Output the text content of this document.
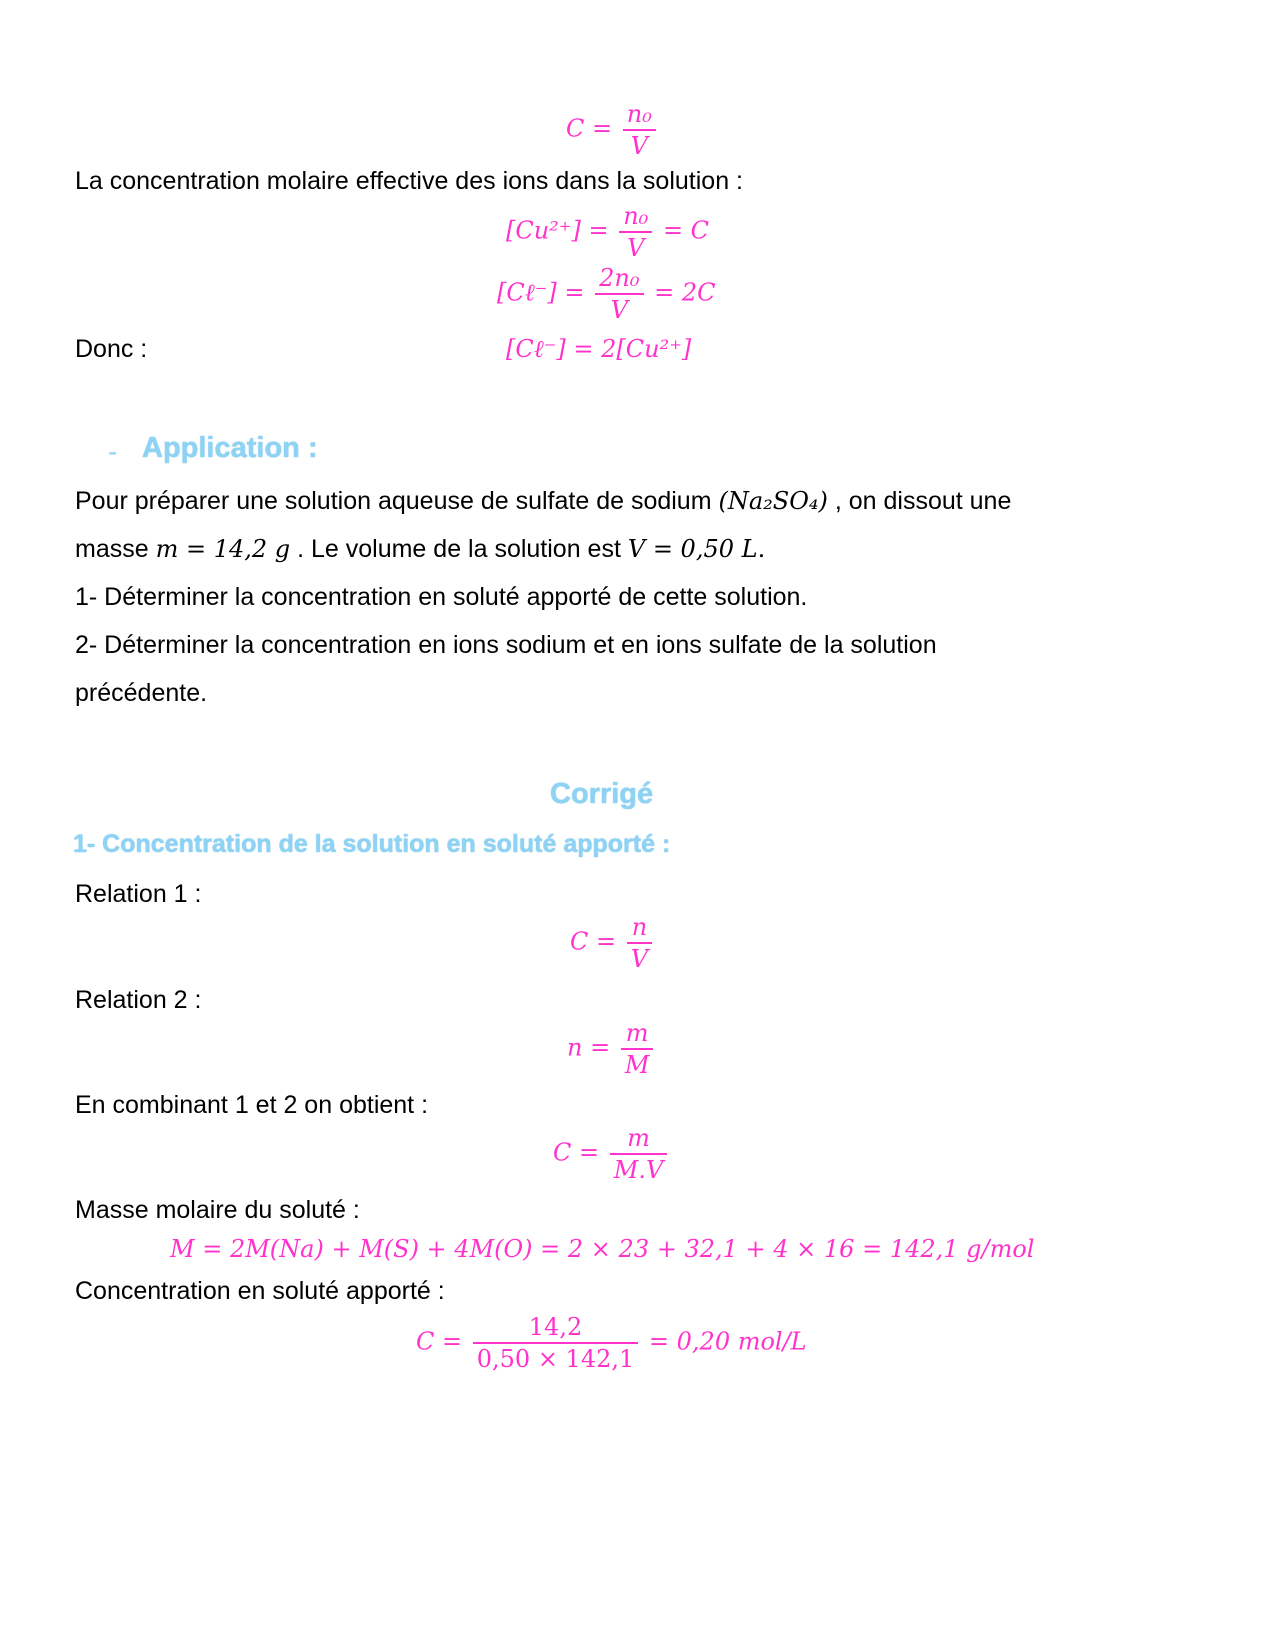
$C = \frac{\text{n₀}}{V}$
La concentration molaire effective des ions dans la solution :
$[Cu^{2+}] = \frac{\text{n₀}}{V} = C$
[Cℓ⁻] = $\frac{\text{2n₀}}{V} = 2C$
Donc :	[Cℓ⁻] = 2[Cu²⁺]
- Application :
Pour préparer une solution aqueuse de sulfate de sodium (Na₂SO₄) , on dissout une
masse m = 14,2 g . Le volume de la solution est V = 0,50 L.
1- Déterminer la concentration en soluté apporté de cette solution.
2- Déterminer la concentration en ions sodium et en ions sulfate de la solution
précédente.
Corrigé
1- Concentration de la solution en soluté apporté :
Relation 1 :
$C = \frac{n}{V}$
Relation 2 :
$n = \frac{m}{M}$
En combinant 1 et 2 on obtient :
$C = \frac{m}{M.V}$
Masse molaire du soluté :
M = 2M(Na) + M(S) + 4M(O) = 2 × 23 + 32,1 + 4 × 16 = 142,1 g/mol
Concentration en soluté apporté :
$C = \frac{14,2}{0,50 \times 142,1} = 0,20$ mol/L
